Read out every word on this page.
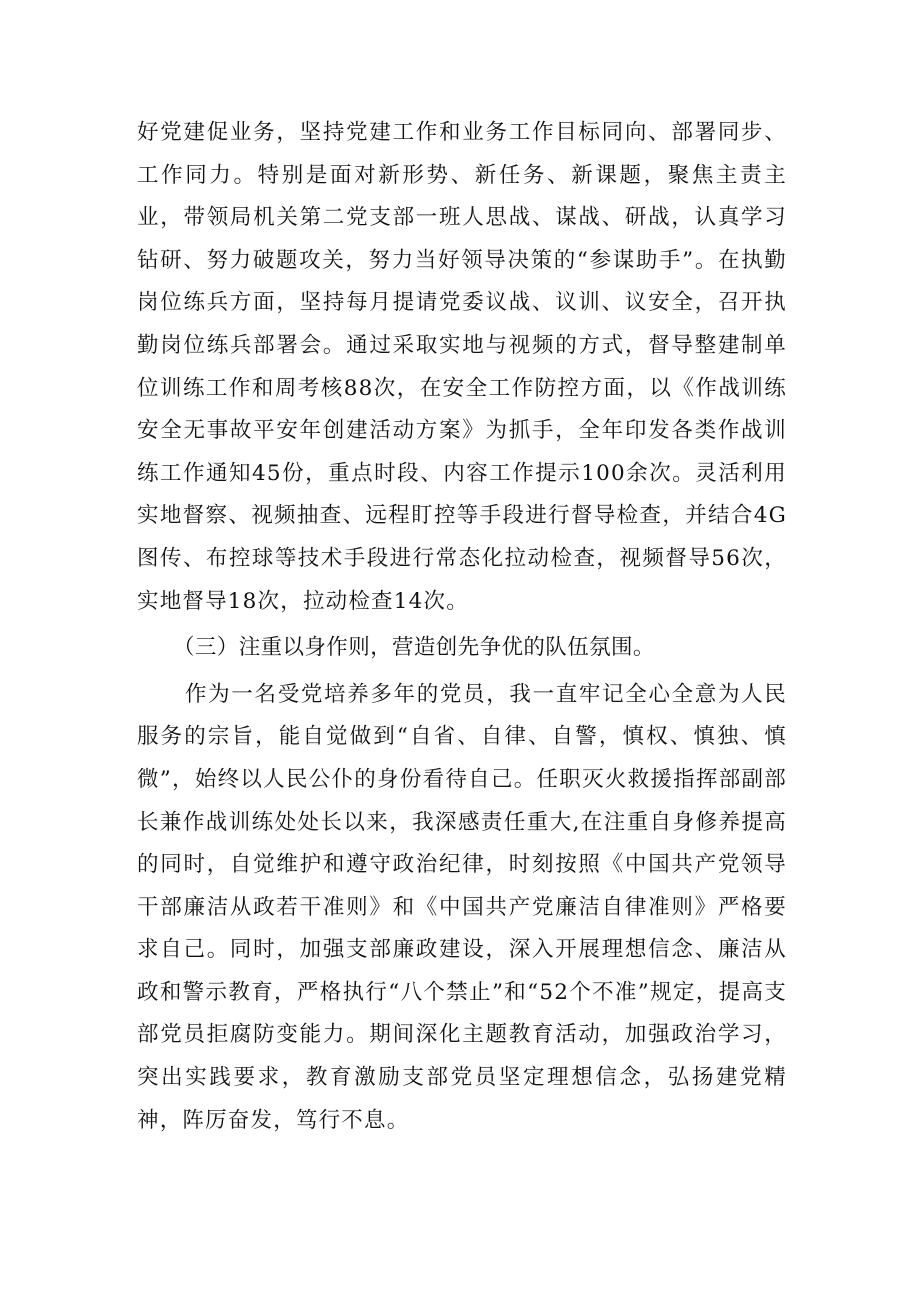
好党建促业务，坚持党建工作和业务工作目标同向、部署同步、工作同力。特别是面对新形势、新任务、新课题，聚焦主责主业，带领局机关第二党支部一班人思战、谋战、研战，认真学习钻研、努力破题攻关，努力当好领导决策的“参谋助手”。在执勤岗位练兵方面，坚持每月提请党委议战、议训、议安全，召开执勤岗位练兵部署会。通过采取实地与视频的方式，督导整建制单位训练工作和周考核88次，在安全工作防控方面，以《作战训练安全无事故平安年创建活动方案》为抓手，全年印发各类作战训练工作通知45份，重点时段、内容工作提示100余次。灵活利用实地督察、视频抽查、远程盯控等手段进行督导检查，并结合4G图传、布控球等技术手段进行常态化拉动检查，视频督导56次，实地督导18次，拉动检查14次。

（三）注重以身作则，营造创先争优的队伍氛围。

作为一名受党培养多年的党员，我一直牢记全心全意为人民服务的宗旨，能自觉做到“自省、自律、自警，慎权、慎独、慎微”，始终以人民公仆的身份看待自己。任职灭火救援指挥部副部长兼作战训练处处长以来，我深感责任重大,在注重自身修养提高的同时，自觉维护和遵守政治纪律，时刻按照《中国共产党领导干部廉洁从政若干准则》和《中国共产党廉洁自律准则》严格要求自己。同时，加强支部廉政建设，深入开展理想信念、廉洁从政和警示教育，严格执行“八个禁止”和“52个不准”规定，提高支部党员拒腐防变能力。期间深化主题教育活动，加强政治学习，突出实践要求，教育激励支部党员坚定理想信念，弘扬建党精神，阵厉奋发，笃行不息。
